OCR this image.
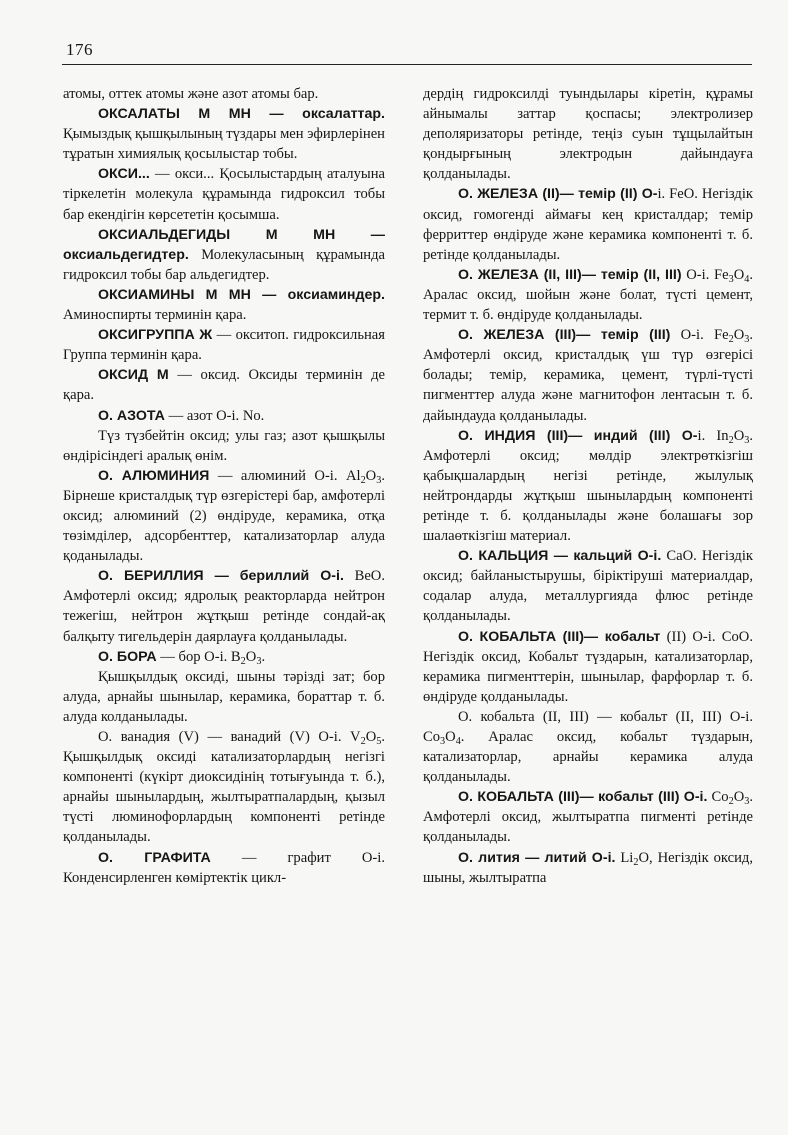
176

атомы, оттек атомы және азот атомы бар.

ОКСАЛАТЫ М МН — оксалаттар. Қымыздық қышқылының түздары мен эфирлерінен тұратын химиялық қосылыстар тобы.

ОКСИ... — окси... Қосылыстардың аталуына тіркелетін молекула құрамында гидроксил тобы бар екендігін көрсететін қосымша.

ОКСИАЛЬДЕГИДЫ М МН — оксиальдегидтер. Молекуласының құрамында гидроксил тобы бар альдегидтер.

ОКСИАМИНЫ М МН — оксиаминдер. Аминоспирты терминін қара.

ОКСИГРУППА Ж — окситоп. гидроксильная Группа терминін қара.

ОКСИД М — оксид. Оксиды терминін де қара.

О. АЗОТА — азот О-і. No.

Түз түзбейтін оксид; улы газ; азот қышқылы өндірісіндегі аралық өнім.

О. АЛЮМИНИЯ — алюминий О-і. $Al_2O_3$. Бірнеше кристалдық түр өзгерістері бар, амфотерлі оксид; алюминий (2) өндіруде, керамика, отқа төзімділер, адсорбенттер, катализаторлар алуда қоданылады.

О. БЕРИЛЛИЯ — бериллий О-і. ВеО. Амфотерлі оксид; ядролық реакторларда нейтрон тежегіш, нейтрон жұтқыш ретінде сондай-ақ балқыту тигельдерін даярлауға қолданылады.

О. БОРА — бор О-і. $B_2O_3$.

Қышқылдық оксиді, шыны тәрізді зат; бор алуда, арнайы шынылар, керамика, бораттар т. б. алуда колданылады.

О. ванадия (V) — ванадий (V) О-і. $V_2O_5$. Қышқылдық оксиді катализаторлардың негізгі компоненті (күкірт диоксидінің тотығуында т. б.), арнайы шынылардың, жылтыратпалардың, қызыл түсті люминофорлардың компоненті ретінде қолданылады.

О. ГРАФИТА — графит О-і. Конденсирленген көміртектік цикл-

дердің гидроксилді туындылары кіретін, құрамы айнымалы заттар қоспасы; электролизер деполяризаторы ретінде, теңіз суын тұщылайтын қондырғының электродын дайындауға қолданылады.

О. ЖЕЛЕЗА (II)— темір (II) О-і. FeO. Негіздік оксид, гомогенді аймағы кең кристалдар; темір ферриттер өндіруде және керамика компоненті т. б. ретінде қолданылады.

О. ЖЕЛЕЗА (II, III)— темір (II, III) О-і. $Fe_3O_4$. Аралас оксид, шойын және болат, түсті цемент, термит т. б. өндіруде қолданылады.

О. ЖЕЛЕЗА (III)— темір (III) О-і. $Fe_2O_3$. Амфотерлі оксид, кристалдық үш түр өзгерісі болады; темір, керамика, цемент, түрлі-түсті пигменттер алуда және магнитофон лентасын т. б. дайындауда қолданылады.

О. ИНДИЯ (III)— индий (III) О-і. $In_2O_3$. Амфотерлі оксид; мөлдір электрөткізгіш қабықшалардың негізі ретінде, жылулық нейтрондарды жұтқыш шынылардың компоненті ретінде т. б. қолданылады және болашағы зор шалаөткізгіш материал.

О. КАЛЬЦИЯ — кальций О-і. CaO. Негіздік оксид; байланыстырушы, біріктіруші материалдар, содалар алуда, металлургияда флюс ретінде қолданылады.

О. КОБАЛЬТА (III)— кобальт (II) О-і. CoO. Негіздік оксид, Кобальт түздарын, катализаторлар, керамика пигменттерін, шынылар, фарфорлар т. б. өндіруде қолданылады.

О. кобальта (II, III) — кобальт (II, III) О-і. $Co_3O_4$. Аралас оксид, кобальт түздарын, катализаторлар, арнайы керамика алуда қолданылады.

О. КОБАЛЬТА (III)— кобальт (III) О-і. $Co_2O_3$. Амфотерлі оксид, жылтыратпа пигменті ретінде қолданылады.

О. лития — литий О-і. $Li_2O$, Негіздік оксид, шыны, жылтыратпа
